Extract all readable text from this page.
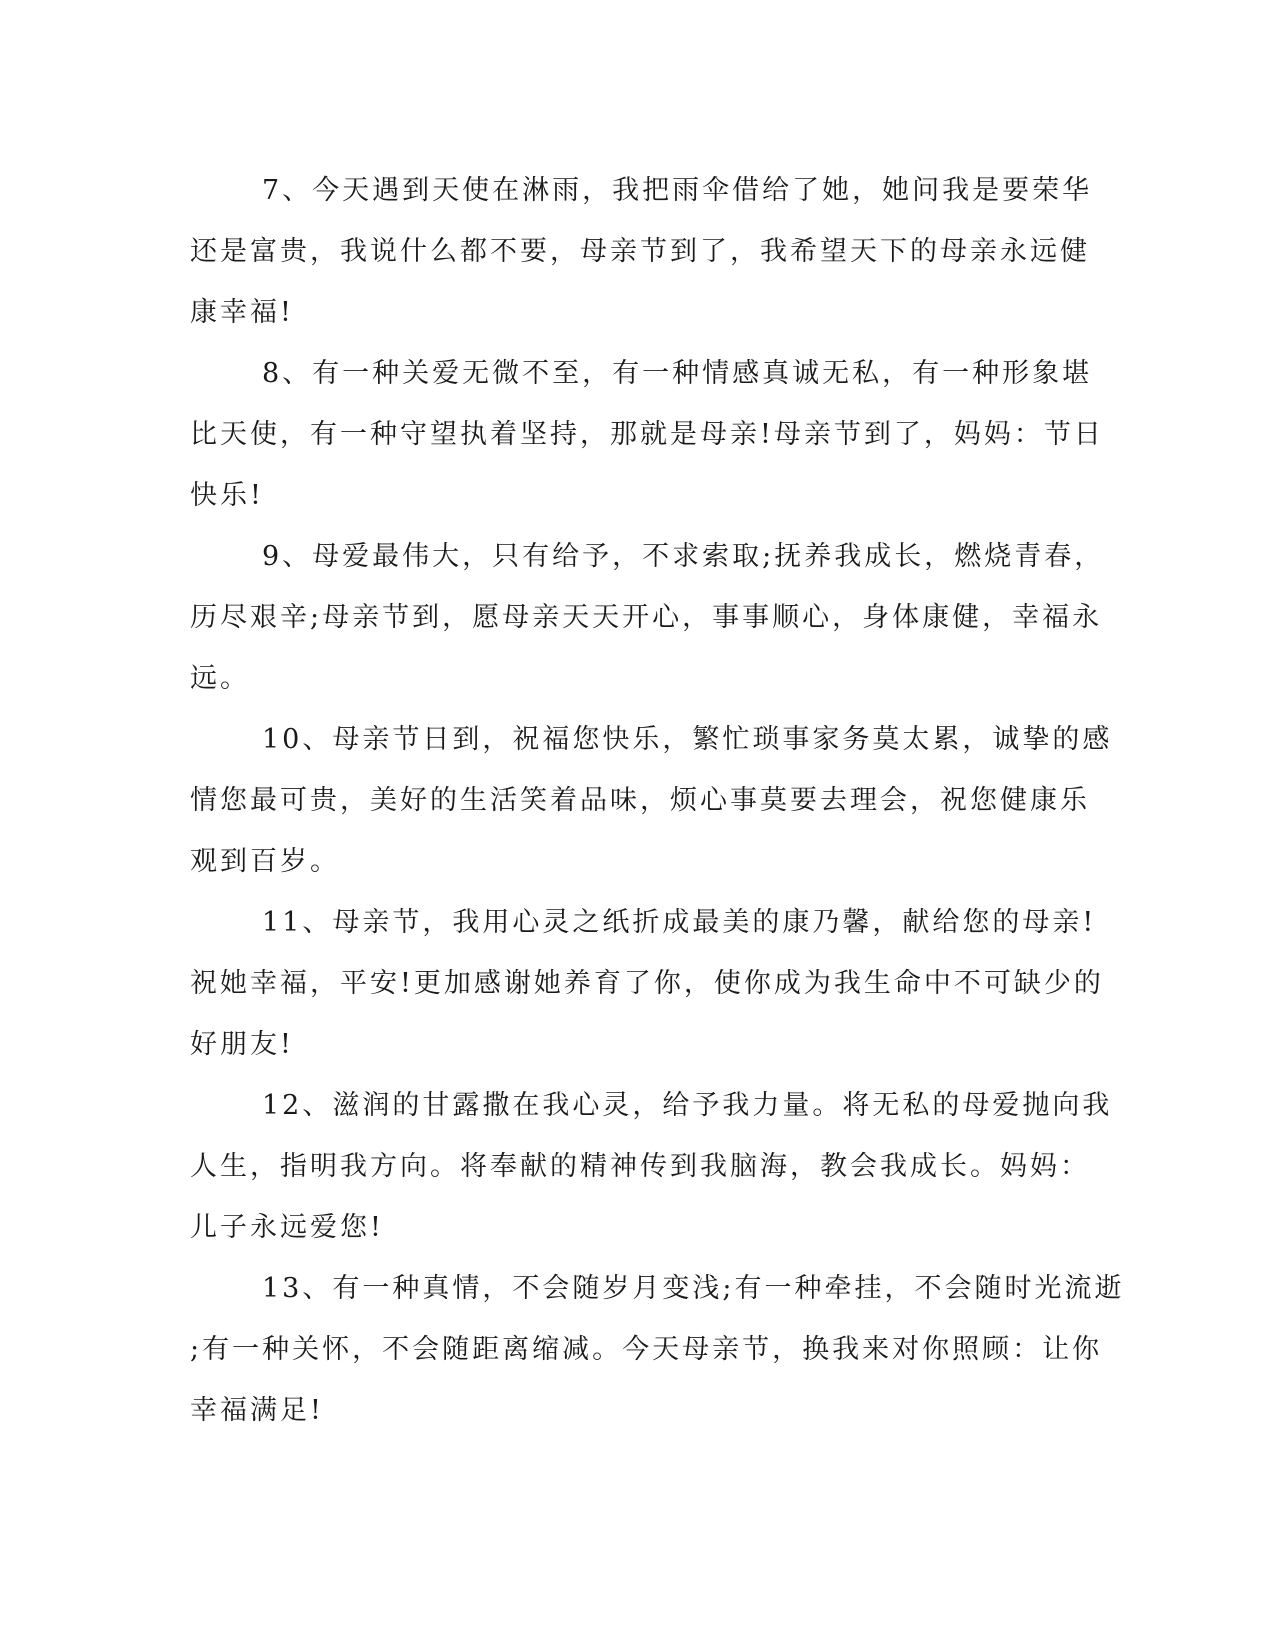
7、今天遇到天使在淋雨，我把雨伞借给了她，她问我是要荣华
还是富贵，我说什么都不要，母亲节到了，我希望天下的母亲永远健
康幸福!

8、有一种关爱无微不至，有一种情感真诚无私，有一种形象堪
比天使，有一种守望执着坚持，那就是母亲!母亲节到了，妈妈：节日
快乐!

9、母爱最伟大，只有给予，不求索取;抚养我成长，燃烧青春，
历尽艰辛;母亲节到，愿母亲天天开心，事事顺心，身体康健，幸福永
远。

10、母亲节日到，祝福您快乐，繁忙琐事家务莫太累，诚挚的感
情您最可贵，美好的生活笑着品味，烦心事莫要去理会，祝您健康乐
观到百岁。

11、母亲节，我用心灵之纸折成最美的康乃馨，献给您的母亲!
祝她幸福，平安!更加感谢她养育了你，使你成为我生命中不可缺少的
好朋友!

12、滋润的甘露撒在我心灵，给予我力量。将无私的母爱抛向我
人生，指明我方向。将奉献的精神传到我脑海，教会我成长。妈妈：
儿子永远爱您!

13、有一种真情，不会随岁月变浅;有一种牵挂，不会随时光流逝
;有一种关怀，不会随距离缩减。今天母亲节，换我来对你照顾：让你
幸福满足!
